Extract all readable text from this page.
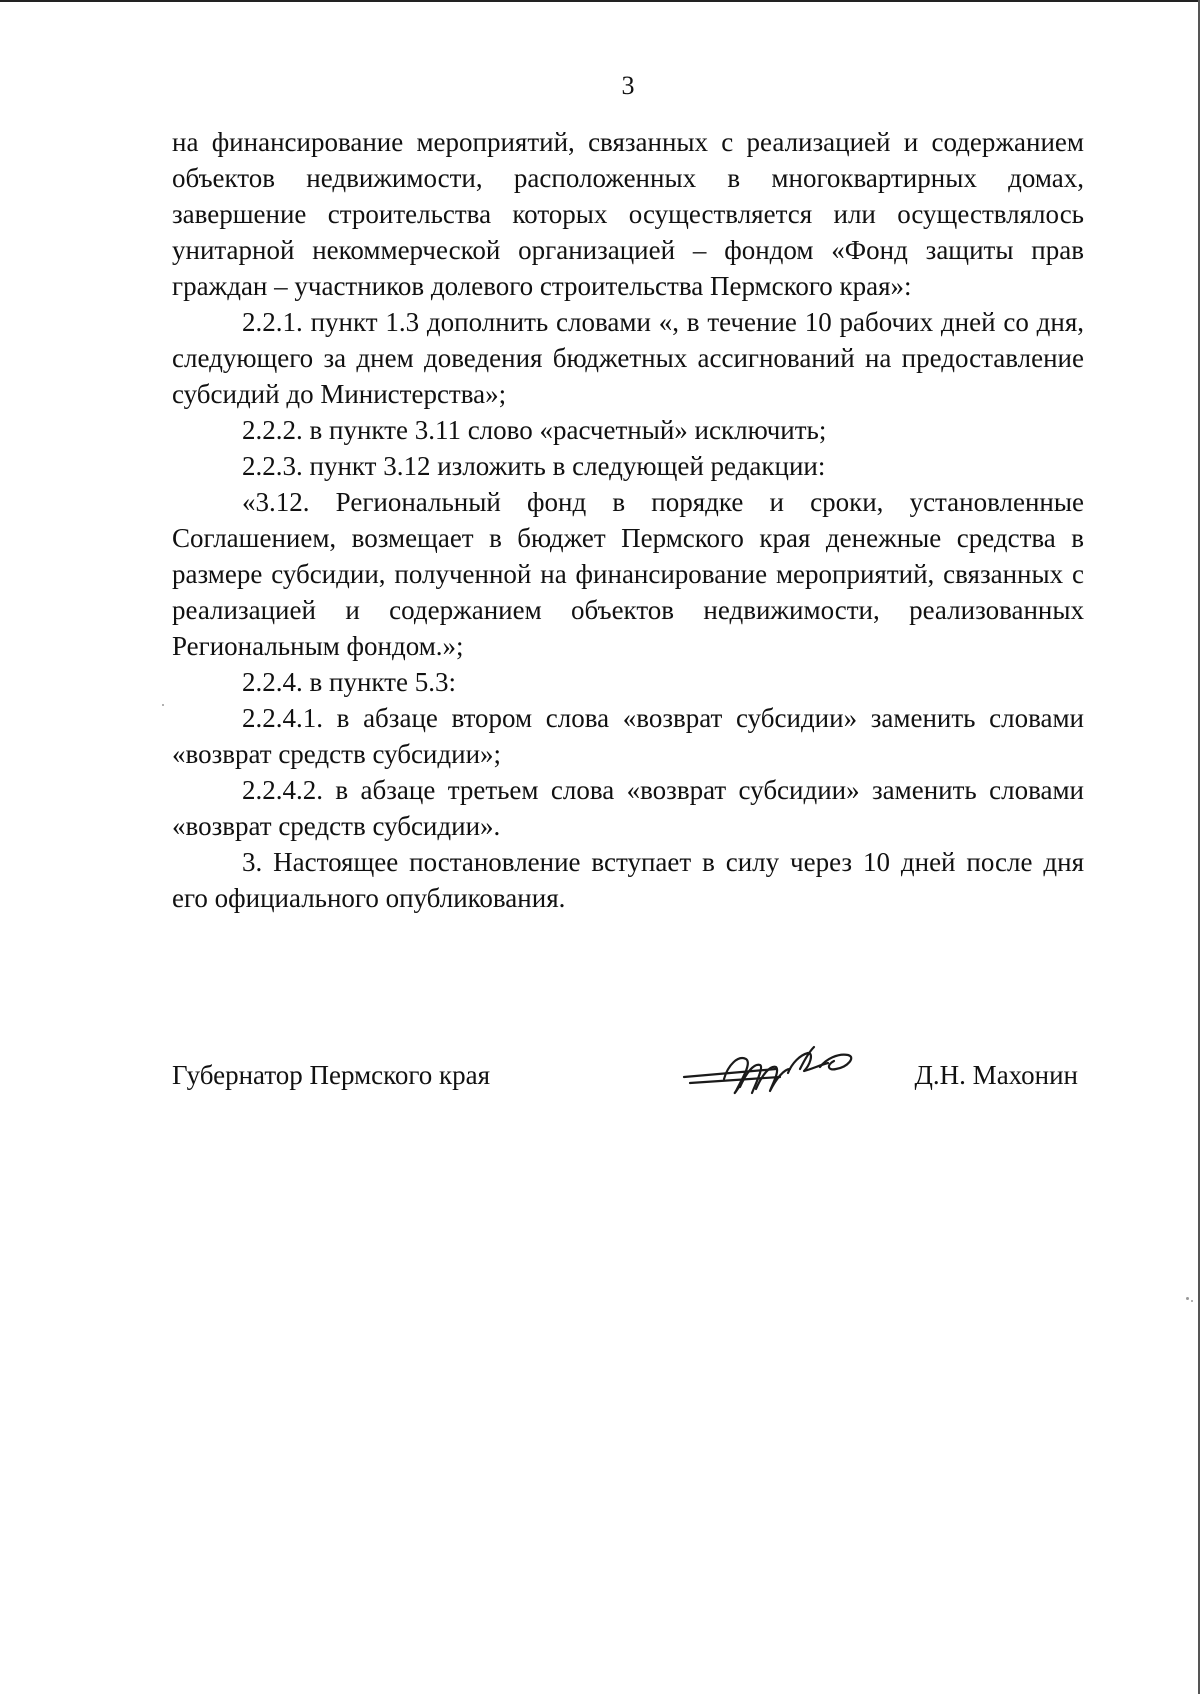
3

на финансирование мероприятий, связанных с реализацией и содержанием объектов недвижимости, расположенных в многоквартирных домах, завершение строительства которых осуществляется или осуществлялось унитарной некоммерческой организацией – фондом «Фонд защиты прав граждан – участников долевого строительства Пермского края»:

2.2.1. пункт 1.3 дополнить словами «, в течение 10 рабочих дней со дня, следующего за днем доведения бюджетных ассигнований на предоставление субсидий до Министерства»;

2.2.2. в пункте 3.11 слово «расчетный» исключить;

2.2.3. пункт 3.12 изложить в следующей редакции:

«3.12. Региональный фонд в порядке и сроки, установленные Соглашением, возмещает в бюджет Пермского края денежные средства в размере субсидии, полученной на финансирование мероприятий, связанных с реализацией и содержанием объектов недвижимости, реализованных Региональным фондом.»;

2.2.4. в пункте 5.3:

2.2.4.1. в абзаце втором слова «возврат субсидии» заменить словами «возврат средств субсидии»;

2.2.4.2. в абзаце третьем слова «возврат субсидии» заменить словами «возврат средств субсидии».

3. Настоящее постановление вступает в силу через 10 дней после дня его официального опубликования.

Губернатор Пермского края	Д.Н. Махонин
